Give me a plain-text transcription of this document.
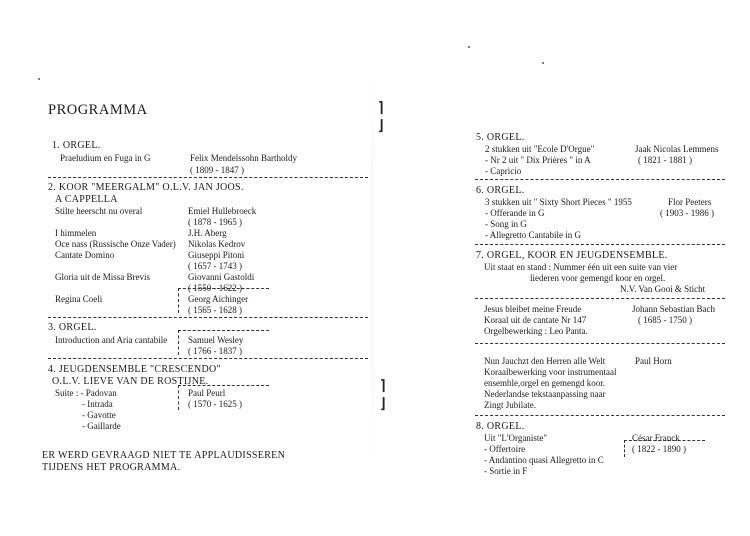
⌉
⌋
⌉
⌋
PROGRAMMA
1. ORGEL.
Praeludium en Fuga in G	Felix Mendelssohn Bartholdy
( 1809 - 1847 )
2. KOOR "MEERGALM" O.L.V. JAN JOOS.
A CAPPELLA
Stilte heerscht nu overal	Emiel Hullebroeck
( 1878 - 1965 )
I himmelen	J.H. Aberg
Oce nass (Russische Onze Vader) Nikolas Kedrov
Cantate Domino	Giuseppi Pitoni
( 1657 - 1743 )
Gloria uit de Missa Brevis	Giovanni Gastoldi
( 1550 - 1622 )
Regina Coeli	Georg Aichinger
( 1565 - 1628 )
3. ORGEL.
Introduction and Aria cantabile Samuel Wesley
( 1766 - 1837 )
4. JEUGDENSEMBLE "CRESCENDO"
O.L.V. LIEVE VAN DE ROSTIJNE.
Suite : - Padovan
- Intrada
- Gavotte
- Gaillarde
Paul Peurl
( 1570 - 1625 )
ER WERD GEVRAAGD NIET TE APPLAUDISSEREN
TIJDENS HET PROGRAMMA.
5. ORGEL.
2 stukken uit "Ecole D'Orgue"
- Nr 2 uit " Dix Prières " in A
- Capricio
Jaak Nicolas Lemmens
( 1821 - 1881 )
6. ORGEL.
3 stukken uit " Sixty Short Pieces " 1955
- Offerande in G
- Song in G
- Allegretto Cantabile in G
Flor Peeters
( 1903 - 1986 )
7. ORGEL, KOOR EN JEUGDENSEMBLE.
Uit staat en stand : Nummer één uit een suite van vier
liederen voor gemengd koor en orgel.
N.V. Van Gooi & Sticht
Jesus bleibet meine Freude
Koraal uit de cantate Nr 147
Orgelbewerking : Leo Panta.
Johann Sebastian Bach
( 1685 - 1750 )
Nun Jauchzt den Herren alle Welt
Koraalbewerking voor instrumentaal
ensemble,orgel en gemengd koor.
Nederlandse tekstaanpassing naar
Zingt Jubilate.
Paul Horn
8. ORGEL.
Uit "L'Organiste"
- Offertoire
- Andantino quasi Allegretto in C
- Sortie in F
César Franck
( 1822 - 1890 )
